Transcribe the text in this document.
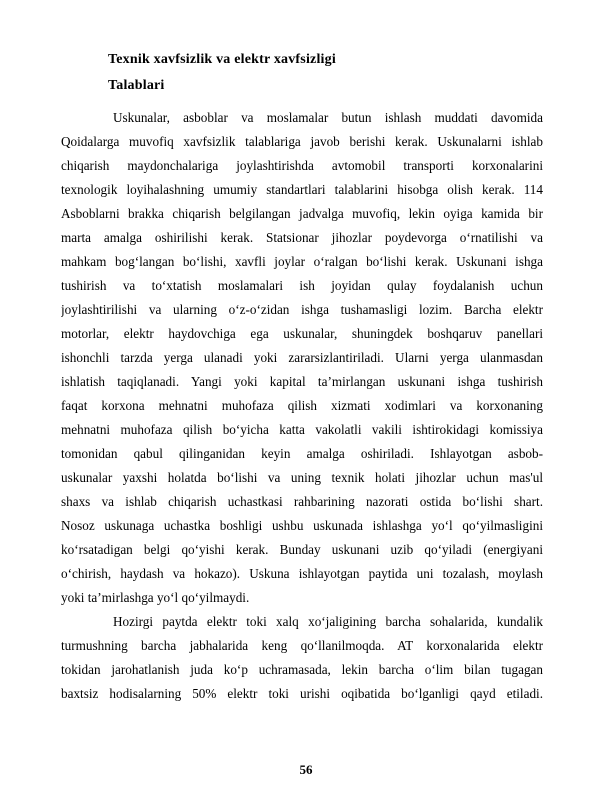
Texnik xavfsizlik va elektr xavfsizligi
Talablari
Uskunalar, asboblar va moslamalar butun ishlash muddati davomida
Qoidalarga muvofiq xavfsizlik talablariga javob berishi kerak. Uskunalarni ishlab
chiqarish maydonchalariga joylashtirishda avtomobil transporti korxonalarini
texnologik loyihalashning umumiy standartlari talablarini hisobga olish kerak. 114
Asboblarni brakka chiqarish belgilangan jadvalga muvofiq, lekin oyiga kamida bir
marta amalga oshirilishi kerak. Statsionar jihozlar poydevorga oʻrnatilishi va
mahkam bogʻlangan boʻlishi, xavfli joylar oʻralgan boʻlishi kerak. Uskunani ishga
tushirish va toʻxtatish moslamalari ish joyidan qulay foydalanish uchun
joylashtirilishi va ularning oʻz-oʻzidan ishga tushamasligi lozim. Barcha elektr
motorlar, elektr haydovchiga ega uskunalar, shuningdek boshqaruv panellari
ishonchli tarzda yerga ulanadi yoki zararsizlantiriladi. Ularni yerga ulanmasdan
ishlatish taqiqlanadi. Yangi yoki kapital ta’mirlangan uskunani ishga tushirish
faqat korxona mehnatni muhofaza qilish xizmati xodimlari va korxonaning
mehnatni muhofaza qilish boʻyicha katta vakolatli vakili ishtirokidagi komissiya
tomonidan qabul qilinganidan keyin amalga oshiriladi. Ishlayotgan asbob-
uskunalar yaxshi holatda boʻlishi va uning texnik holati jihozlar uchun mas'ul
shaxs va ishlab chiqarish uchastkasi rahbarining nazorati ostida boʻlishi shart.
Nosoz uskunaga uchastka boshligi ushbu uskunada ishlashga yoʻl qoʻyilmasligini
koʻrsatadigan belgi qoʻyishi kerak. Bunday uskunani uzib qoʻyiladi (energiyani
oʻchirish, haydash va hokazo). Uskuna ishlayotgan paytida uni tozalash, moylash
yoki ta’mirlashga yoʻl qoʻyilmaydi.
Hozirgi paytda elektr toki xalq xoʻjaligining barcha sohalarida, kundalik
turmushning barcha jabhalarida keng qoʻllanilmoqda. AT korxonalarida elektr
tokidan jarohatlanish juda koʻp uchramasada, lekin barcha oʻlim bilan tugagan
baxtsiz hodisalarning 50% elektr toki urishi oqibatida boʻlganligi qayd etiladi.
56
